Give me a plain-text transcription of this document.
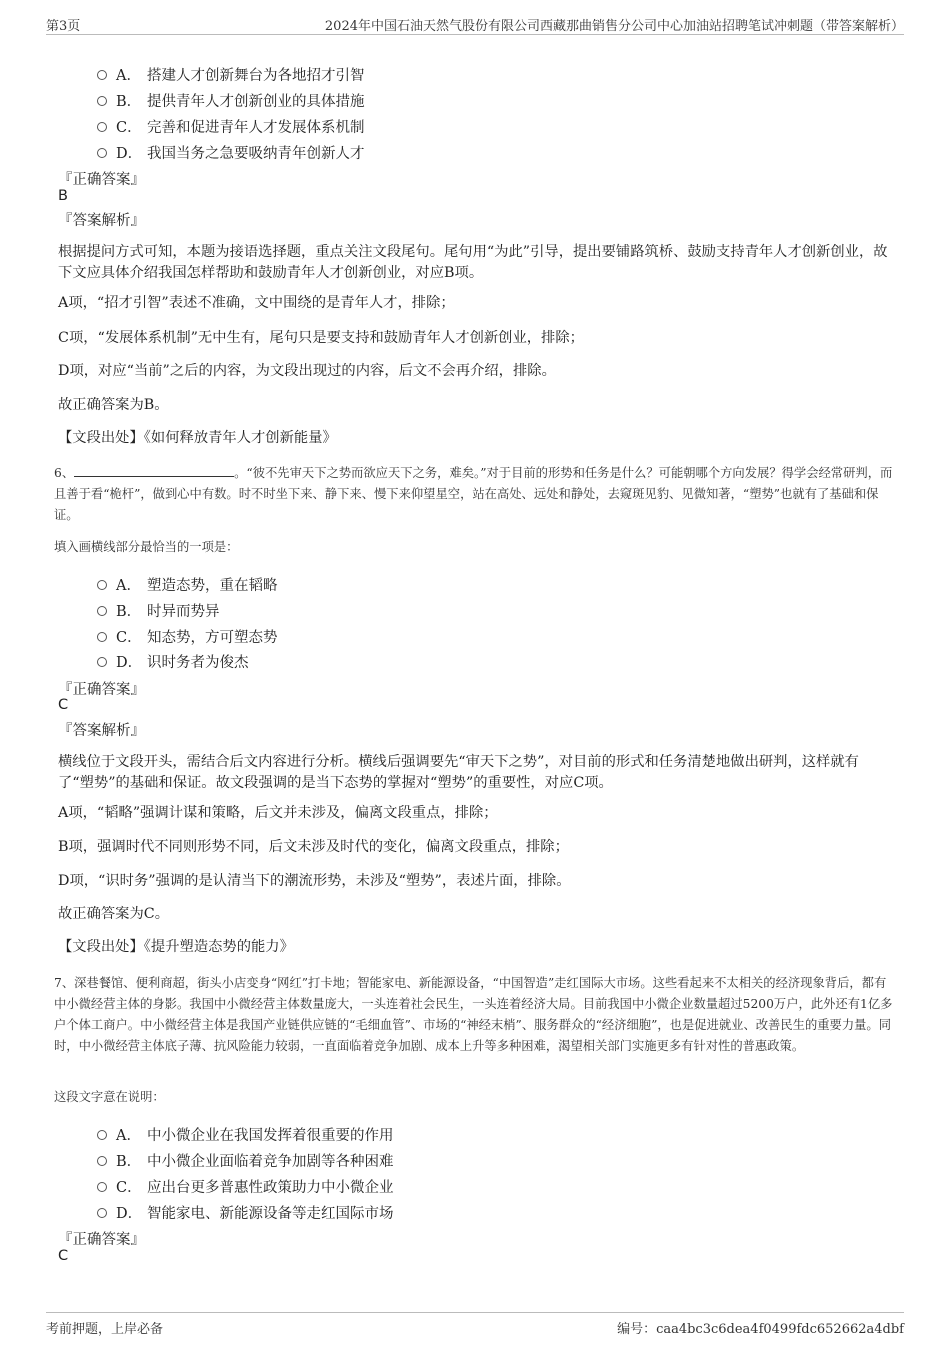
第3页	2024年中国石油天然气股份有限公司西藏那曲销售分公司中心加油站招聘笔试冲刺题（带答案解析）
A． 搭建人才创新舞台为各地招才引智
B． 提供青年人才创新创业的具体措施
C． 完善和促进青年人才发展体系机制
D． 我国当务之急要吸纳青年创新人才
『正确答案』
B
『答案解析』
根据提问方式可知，本题为接语选择题，重点关注文段尾句。尾句用“为此”引导，提出要铺路筑桥、鼓励支持青年人才创新创业，故下文应具体介绍我国怎样帮助和鼓励青年人才创新创业，对应B项。
A项，“招才引智”表述不准确，文中围绕的是青年人才，排除；
C项，“发展体系机制”无中生有，尾句只是要支持和鼓励青年人才创新创业，排除；
D项，对应“当前”之后的内容，为文段出现过的内容，后文不会再介绍，排除。
故正确答案为B。
【文段出处】《如何释放青年人才创新能量》
6、	。“彼不先审天下之势而欲应天下之务，难矣。”对于目前的形势和任务是什么？可能朝哪个方向发展？得学会经常研判，而且善于看“桅杆”，做到心中有数。时不时坐下来、静下来、慢下来仰望星空，站在高处、远处和静处，去窥斑见豹、见微知著，“塑势”也就有了基础和保证。
填入画横线部分最恰当的一项是：
A． 塑造态势，重在韬略
B． 时异而势异
C． 知态势，方可塑态势
D． 识时务者为俊杰
『正确答案』
C
『答案解析』
横线位于文段开头，需结合后文内容进行分析。横线后强调要先“审天下之势”，对目前的形式和任务清楚地做出研判，这样就有了“塑势”的基础和保证。故文段强调的是当下态势的掌握对“塑势”的重要性，对应C项。
A项，“韬略”强调计谋和策略，后文并未涉及，偏离文段重点，排除；
B项，强调时代不同则形势不同，后文未涉及时代的变化，偏离文段重点，排除；
D项，“识时务”强调的是认清当下的潮流形势，未涉及“塑势”，表述片面，排除。
故正确答案为C。
【文段出处】《提升塑造态势的能力》
7、深巷餐馆、便利商超，街头小店变身“网红”打卡地；智能家电、新能源设备，“中国智造”走红国际大市场。这些看起来不太相关的经济现象背后，都有中小微经营主体的身影。我国中小微经营主体数量庞大，一头连着社会民生，一头连着经济大局。目前我国中小微企业数量超过5200万户，此外还有1亿多户个体工商户。中小微经营主体是我国产业链供应链的“毛细血管”、市场的“神经末梢”、服务群众的“经济细胞”，也是促进就业、改善民生的重要力量。同时，中小微经营主体底子薄、抗风险能力较弱，一直面临着竞争加剧、成本上升等多种困难，渴望相关部门实施更多有针对性的普惠政策。
这段文字意在说明：
A． 中小微企业在我国发挥着很重要的作用
B． 中小微企业面临着竞争加剧等各种困难
C． 应出台更多普惠性政策助力中小微企业
D． 智能家电、新能源设备等走红国际市场
『正确答案』
C
考前押题，上岸必备	编号：caa4bc3c6dea4f0499fdc652662a4dbf
